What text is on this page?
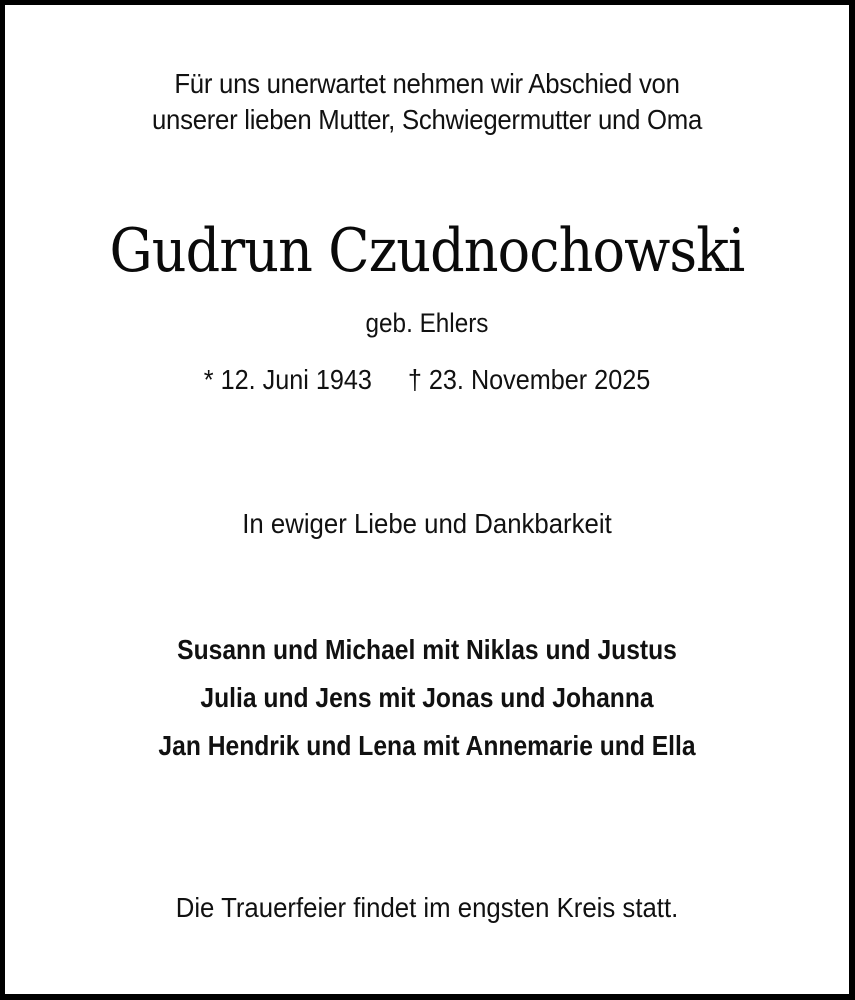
Für uns unerwartet nehmen wir Abschied von
unserer lieben Mutter, Schwiegermutter und Oma
Gudrun Czudnochowski
geb. Ehlers
* 12. Juni 1943 † 23. November 2025
In ewiger Liebe und Dankbarkeit
Susann und Michael mit Niklas und Justus
Julia und Jens mit Jonas und Johanna
Jan Hendrik und Lena mit Annemarie und Ella
Die Trauerfeier findet im engsten Kreis statt.
